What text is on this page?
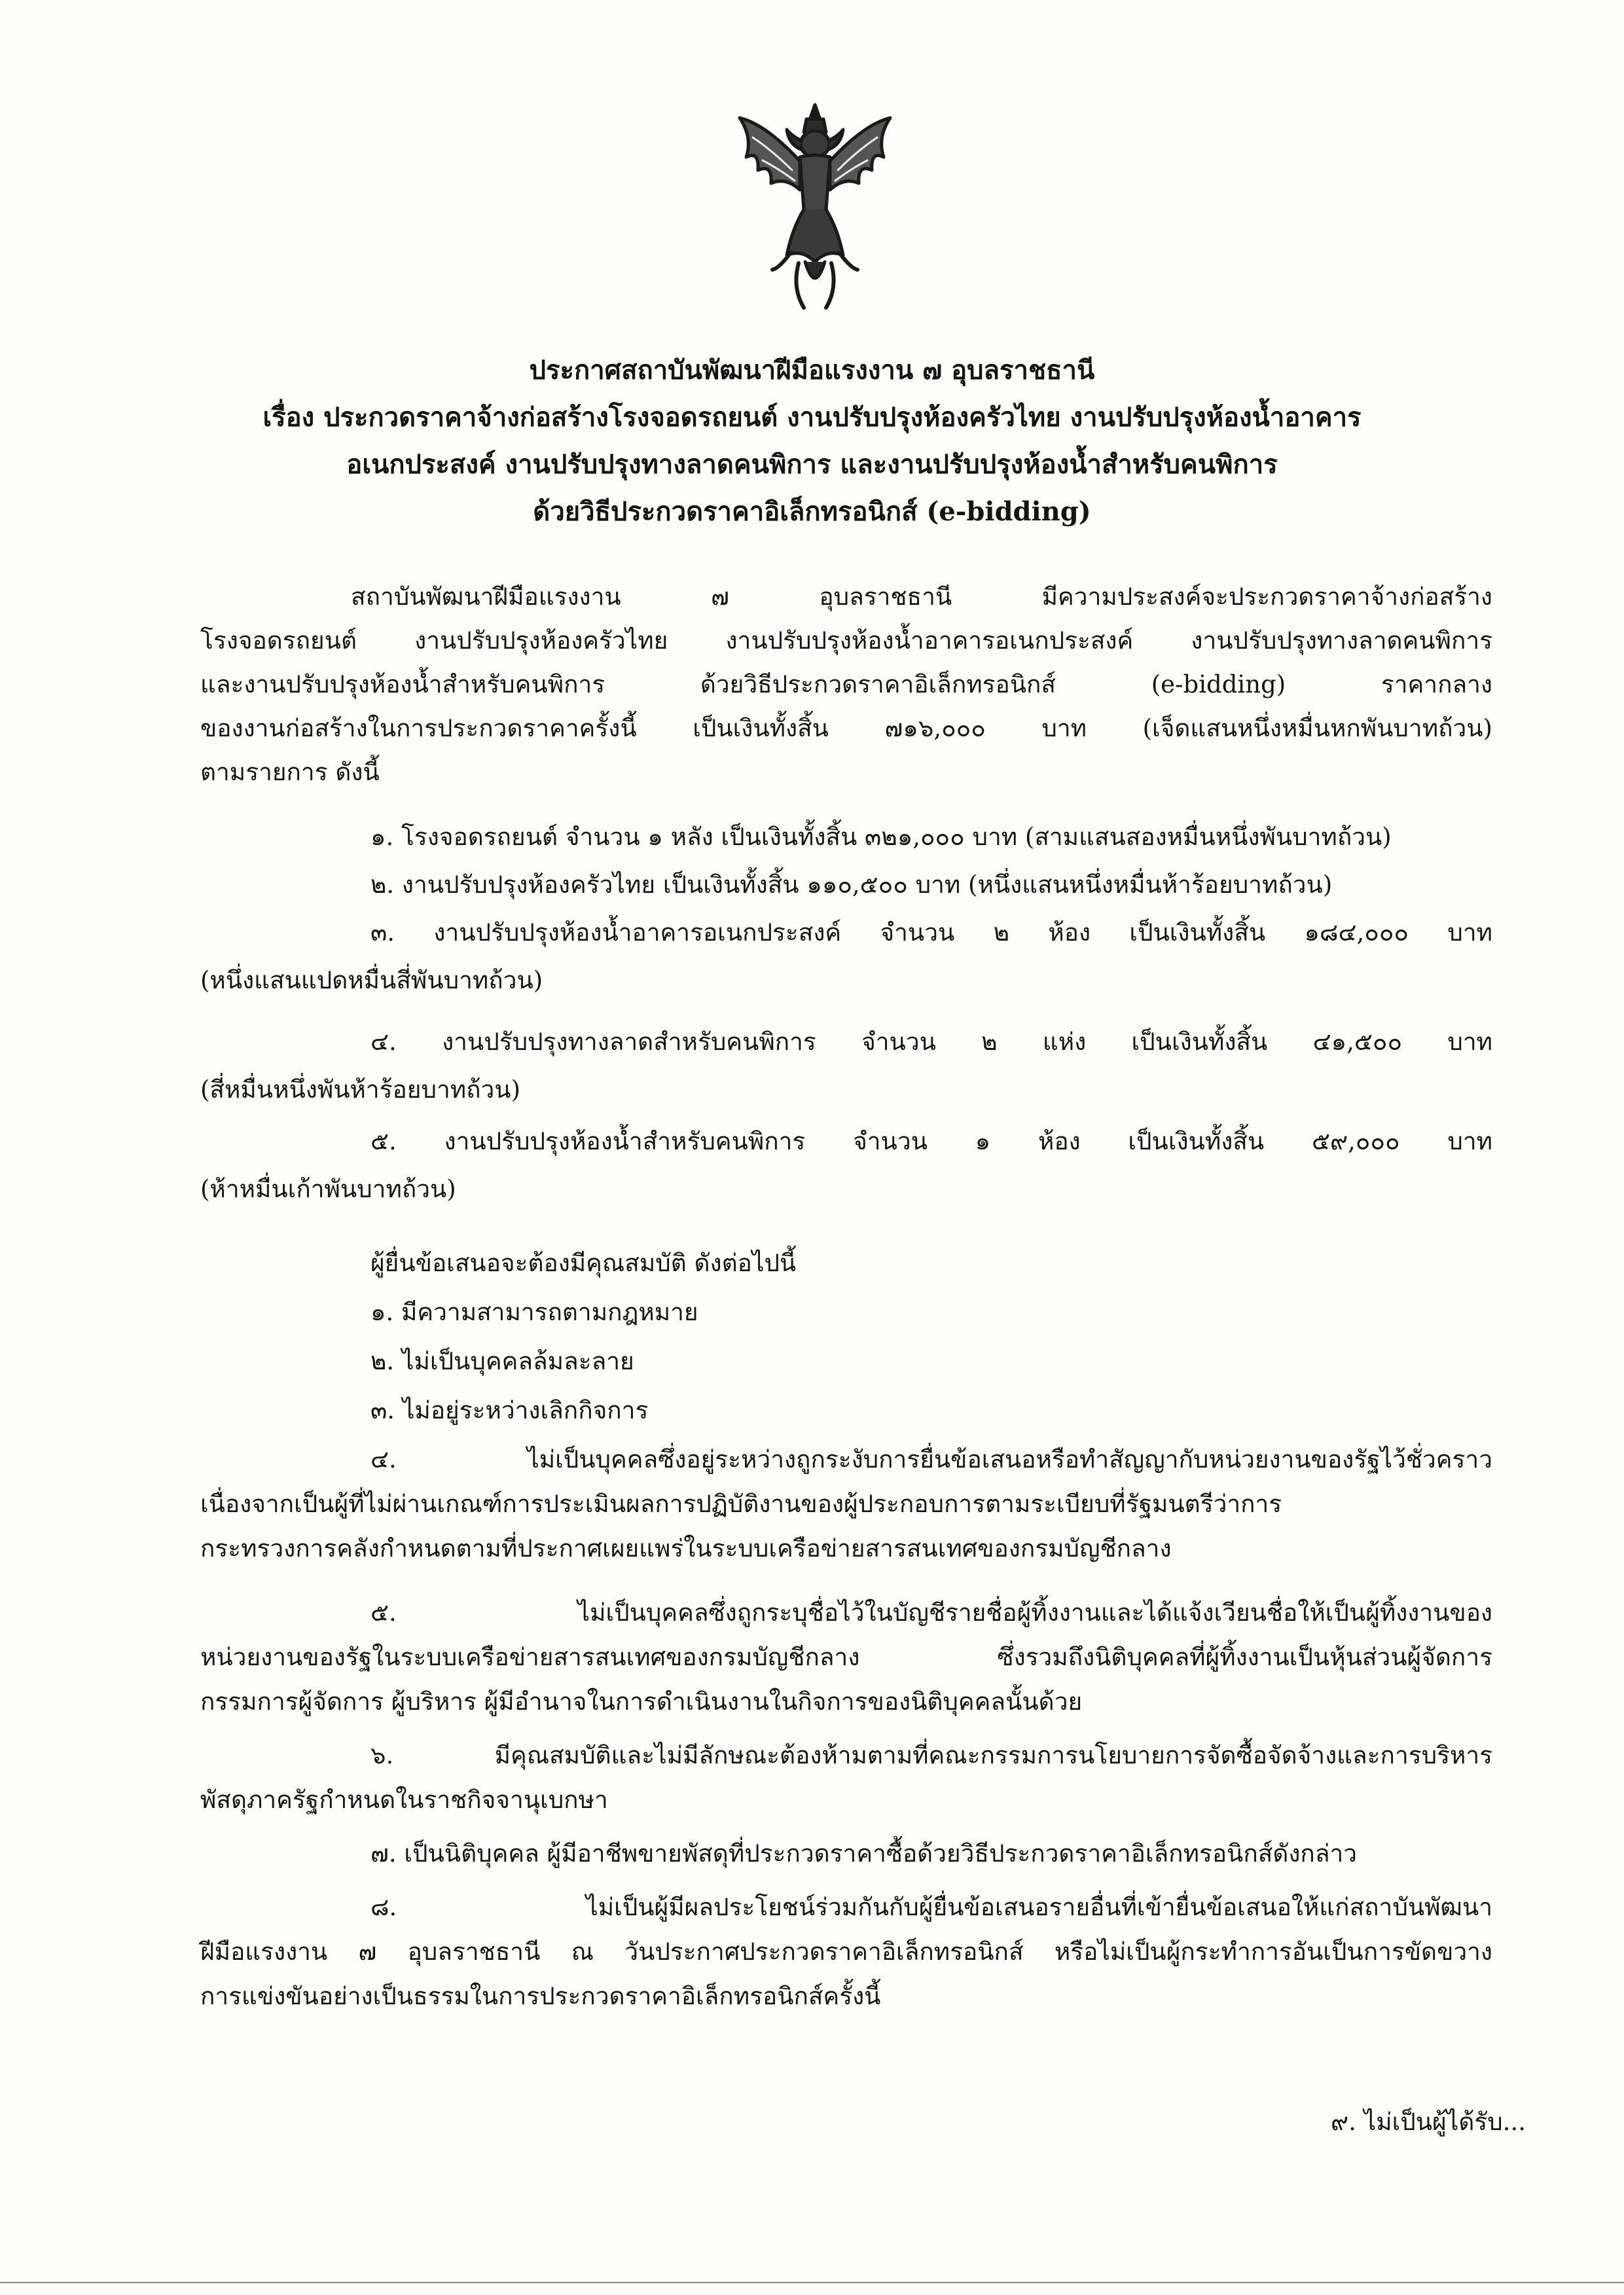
ประกาศสถาบันพัฒนาฝีมือแรงงาน ๗ อุบลราชธานี
เรื่อง ประกวดราคาจ้างก่อสร้างโรงจอดรถยนต์ งานปรับปรุงห้องครัวไทย งานปรับปรุงห้องน้ำอาคาร
อเนกประสงค์ งานปรับปรุงทางลาดคนพิการ และงานปรับปรุงห้องน้ำสำหรับคนพิการ
ด้วยวิธีประกวดราคาอิเล็กทรอนิกส์ (e-bidding)
สถาบันพัฒนาฝีมือแรงงาน ๗ อุบลราชธานี มีความประสงค์จะประกวดราคาจ้างก่อสร้าง
โรงจอดรถยนต์ งานปรับปรุงห้องครัวไทย งานปรับปรุงห้องน้ำอาคารอเนกประสงค์ งานปรับปรุงทางลาดคนพิการ
และงานปรับปรุงห้องน้ำสำหรับคนพิการ ด้วยวิธีประกวดราคาอิเล็กทรอนิกส์ (e-bidding) ราคากลาง
ของงานก่อสร้างในการประกวดราคาครั้งนี้ เป็นเงินทั้งสิ้น ๗๑๖,๐๐๐ บาท (เจ็ดแสนหนึ่งหมื่นหกพันบาทถ้วน)
ตามรายการ ดังนี้
๑. โรงจอดรถยนต์ จำนวน ๑ หลัง เป็นเงินทั้งสิ้น ๓๒๑,๐๐๐ บาท (สามแสนสองหมื่นหนึ่งพันบาทถ้วน)
๒. งานปรับปรุงห้องครัวไทย เป็นเงินทั้งสิ้น ๑๑๐,๕๐๐ บาท (หนึ่งแสนหนึ่งหมื่นห้าร้อยบาทถ้วน)
๓. งานปรับปรุงห้องน้ำอาคารอเนกประสงค์ จำนวน ๒ ห้อง เป็นเงินทั้งสิ้น ๑๘๔,๐๐๐ บาท
(หนึ่งแสนแปดหมื่นสี่พันบาทถ้วน)
๔. งานปรับปรุงทางลาดสำหรับคนพิการ จำนวน ๒ แห่ง เป็นเงินทั้งสิ้น ๔๑,๕๐๐ บาท
(สี่หมื่นหนึ่งพันห้าร้อยบาทถ้วน)
๕. งานปรับปรุงห้องน้ำสำหรับคนพิการ จำนวน ๑ ห้อง เป็นเงินทั้งสิ้น ๕๙,๐๐๐ บาท
(ห้าหมื่นเก้าพันบาทถ้วน)
ผู้ยื่นข้อเสนอจะต้องมีคุณสมบัติ ดังต่อไปนี้
๑. มีความสามารถตามกฎหมาย
๒. ไม่เป็นบุคคลล้มละลาย
๓. ไม่อยู่ระหว่างเลิกกิจการ
๔. ไม่เป็นบุคคลซึ่งอยู่ระหว่างถูกระงับการยื่นข้อเสนอหรือทำสัญญากับหน่วยงานของรัฐไว้ชั่วคราว
เนื่องจากเป็นผู้ที่ไม่ผ่านเกณฑ์การประเมินผลการปฏิบัติงานของผู้ประกอบการตามระเบียบที่รัฐมนตรีว่าการ
กระทรวงการคลังกำหนดตามที่ประกาศเผยแพร่ในระบบเครือข่ายสารสนเทศของกรมบัญชีกลาง
๕. ไม่เป็นบุคคลซึ่งถูกระบุชื่อไว้ในบัญชีรายชื่อผู้ทิ้งงานและได้แจ้งเวียนชื่อให้เป็นผู้ทิ้งงานของ
หน่วยงานของรัฐในระบบเครือข่ายสารสนเทศของกรมบัญชีกลาง ซึ่งรวมถึงนิติบุคคลที่ผู้ทิ้งงานเป็นหุ้นส่วนผู้จัดการ
กรรมการผู้จัดการ ผู้บริหาร ผู้มีอำนาจในการดำเนินงานในกิจการของนิติบุคคลนั้นด้วย
๖. มีคุณสมบัติและไม่มีลักษณะต้องห้ามตามที่คณะกรรมการนโยบายการจัดซื้อจัดจ้างและการบริหาร
พัสดุภาครัฐกำหนดในราชกิจจานุเบกษา
๗. เป็นนิติบุคคล ผู้มีอาชีพขายพัสดุที่ประกวดราคาซื้อด้วยวิธีประกวดราคาอิเล็กทรอนิกส์ดังกล่าว
๘. ไม่เป็นผู้มีผลประโยชน์ร่วมกันกับผู้ยื่นข้อเสนอรายอื่นที่เข้ายื่นข้อเสนอให้แก่สถาบันพัฒนา
ฝีมือแรงงาน ๗ อุบลราชธานี ณ วันประกาศประกวดราคาอิเล็กทรอนิกส์ หรือไม่เป็นผู้กระทำการอันเป็นการขัดขวาง
การแข่งขันอย่างเป็นธรรมในการประกวดราคาอิเล็กทรอนิกส์ครั้งนี้
๙. ไม่เป็นผู้ได้รับ...
